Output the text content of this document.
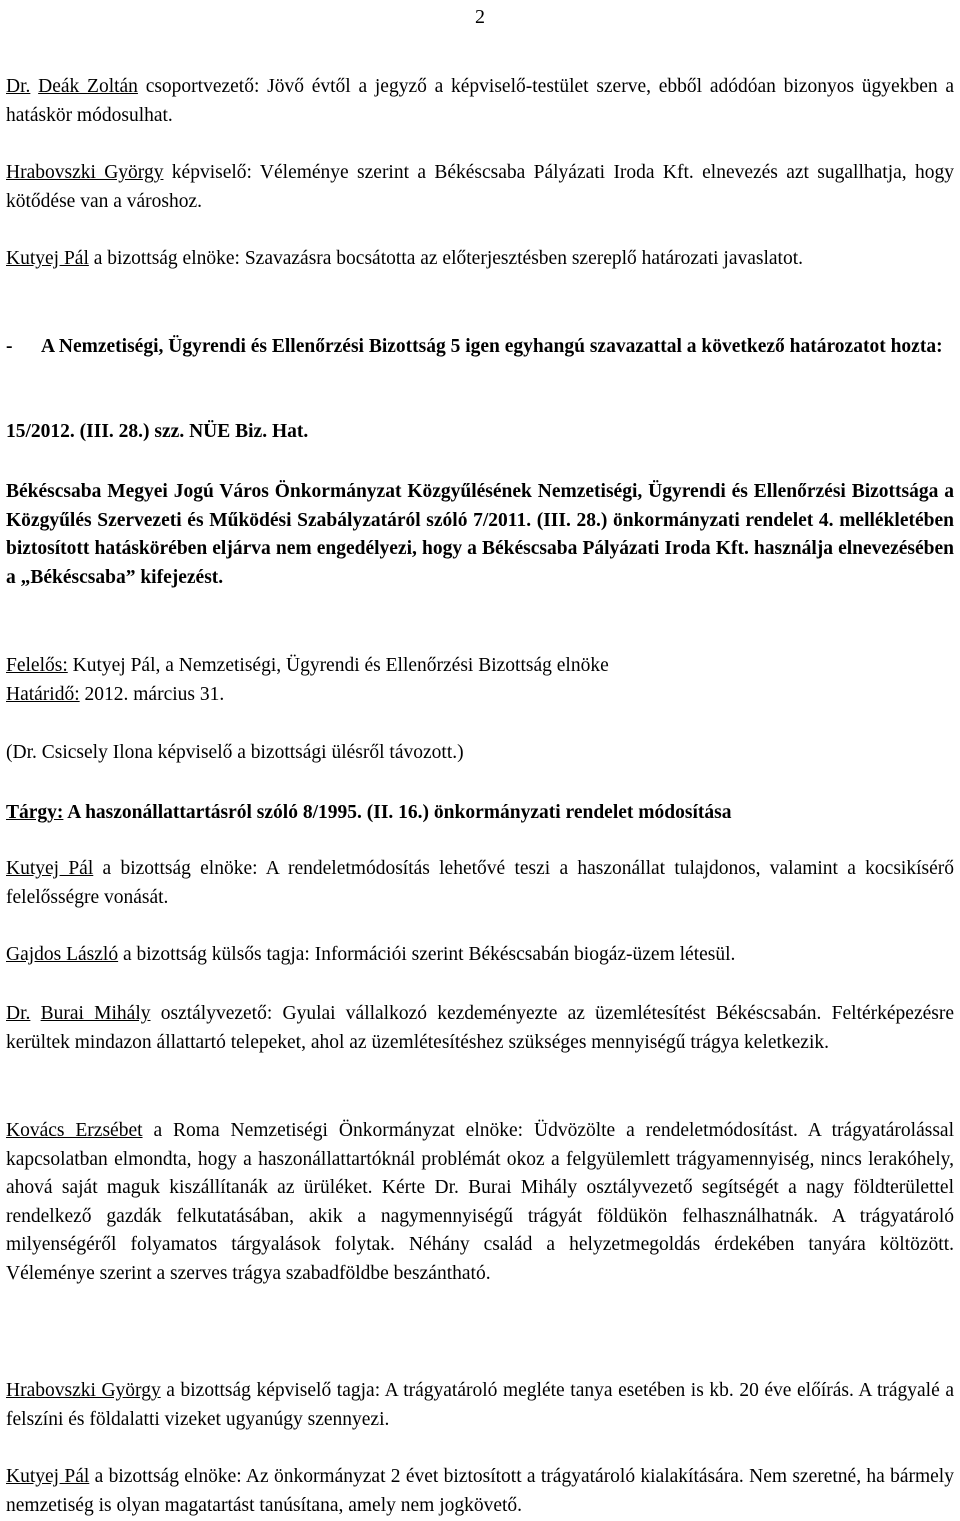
2

Dr. Deák Zoltán csoportvezető: Jövő évtől a jegyző a képviselő-testület szerve, ebből adódóan bizonyos ügyekben a hatáskör módosulhat.

Hrabovszki György képviselő: Véleménye szerint a Békéscsaba Pályázati Iroda Kft. elnevezés azt sugallhatja, hogy kötődése van a városhoz.

Kutyej Pál a bizottság elnöke: Szavazásra bocsátotta az előterjesztésben szereplő határozati javaslatot.

- A Nemzetiségi, Ügyrendi és Ellenőrzési Bizottság 5 igen egyhangú szavazattal a következő határozatot hozta:

15/2012. (III. 28.) szz. NÜE Biz. Hat.

Békéscsaba Megyei Jogú Város Önkormányzat Közgyűlésének Nemzetiségi, Ügyrendi és Ellenőrzési Bizottsága a Közgyűlés Szervezeti és Működési Szabályzatáról szóló 7/2011. (III. 28.) önkormányzati rendelet 4. mellékletében biztosított hatáskörében eljárva nem engedélyezi, hogy a Békéscsaba Pályázati Iroda Kft. használja elnevezésében a „Békéscsaba” kifejezést.

Felelős: Kutyej Pál, a Nemzetiségi, Ügyrendi és Ellenőrzési Bizottság elnöke

Határidő: 2012. március 31.

(Dr. Csicsely Ilona képviselő a bizottsági ülésről távozott.)

Tárgy: A haszonállattartásról szóló 8/1995. (II. 16.) önkormányzati rendelet módosítása

Kutyej Pál a bizottság elnöke: A rendeletmódosítás lehetővé teszi a haszonállat tulajdonos, valamint a kocsikísérő felelősségre vonását.

Gajdos László a bizottság külsős tagja: Információi szerint Békéscsabán biogáz-üzem létesül.

Dr. Burai Mihály osztályvezető: Gyulai vállalkozó kezdeményezte az üzemlétesítést Békéscsabán. Feltérképezésre kerültek mindazon állattartó telepeket, ahol az üzemlétesítéshez szükséges mennyiségű trágya keletkezik.

Kovács Erzsébet a Roma Nemzetiségi Önkormányzat elnöke: Üdvözölte a rendeletmódosítást. A trágyatárolással kapcsolatban elmondta, hogy a haszonállattartóknál problémát okoz a felgyülemlett trágyamennyiség, nincs lerakóhely, ahová saját maguk kiszállítanák az ürüléket. Kérte Dr. Burai Mihály osztályvezető segítségét a nagy földterülettel rendelkező gazdák felkutatásában, akik a nagymennyiségű trágyát földükön felhasználhatnák. A trágyatároló milyenségéről folyamatos tárgyalások folytak. Néhány család a helyzetmegoldás érdekében tanyára költözött. Véleménye szerint a szerves trágya szabadföldbe beszántható.

Hrabovszki György a bizottság képviselő tagja: A trágyatároló megléte tanya esetében is kb. 20 éve előírás. A trágyalé a felszíni és földalatti vizeket ugyanúgy szennyezi.

Kutyej Pál a bizottság elnöke: Az önkormányzat 2 évet biztosított a trágyatároló kialakítására. Nem szeretné, ha bármely nemzetiség is olyan magatartást tanúsítana, amely nem jogkövető.
